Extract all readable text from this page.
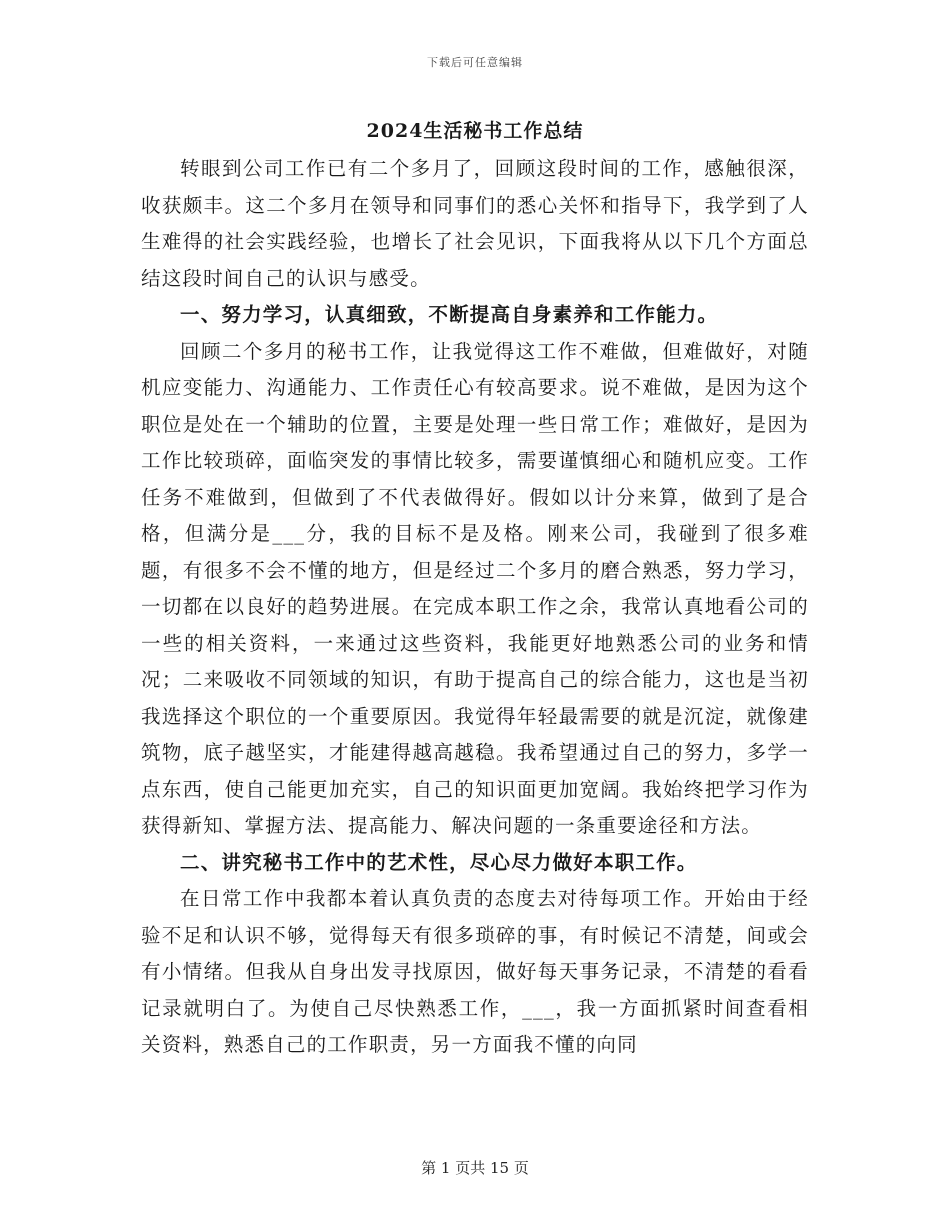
下载后可任意编辑
2024生活秘书工作总结

转眼到公司工作已有二个多月了，回顾这段时间的工作，感触很深，收获颇丰。这二个多月在领导和同事们的悉心关怀和指导下，我学到了人生难得的社会实践经验，也增长了社会见识，下面我将从以下几个方面总结这段时间自己的认识与感受。

一、努力学习，认真细致，不断提高自身素养和工作能力。

回顾二个多月的秘书工作，让我觉得这工作不难做，但难做好，对随机应变能力、沟通能力、工作责任心有较高要求。说不难做，是因为这个职位是处在一个辅助的位置，主要是处理一些日常工作；难做好，是因为工作比较琐碎，面临突发的事情比较多，需要谨慎细心和随机应变。工作任务不难做到，但做到了不代表做得好。假如以计分来算，做到了是合格，但满分是___分，我的目标不是及格。刚来公司，我碰到了很多难题，有很多不会不懂的地方，但是经过二个多月的磨合熟悉，努力学习，一切都在以良好的趋势进展。在完成本职工作之余，我常认真地看公司的一些的相关资料，一来通过这些资料，我能更好地熟悉公司的业务和情况；二来吸收不同领域的知识，有助于提高自己的综合能力，这也是当初我选择这个职位的一个重要原因。我觉得年轻最需要的就是沉淀，就像建筑物，底子越坚实，才能建得越高越稳。我希望通过自己的努力，多学一点东西，使自己能更加充实，自己的知识面更加宽阔。我始终把学习作为获得新知、掌握方法、提高能力、解决问题的一条重要途径和方法。

二、讲究秘书工作中的艺术性，尽心尽力做好本职工作。

在日常工作中我都本着认真负责的态度去对待每项工作。开始由于经验不足和认识不够，觉得每天有很多琐碎的事，有时候记不清楚，间或会有小情绪。但我从自身出发寻找原因，做好每天事务记录，不清楚的看看记录就明白了。为使自己尽快熟悉工作，___，我一方面抓紧时间查看相关资料，熟悉自己的工作职责，另一方面我不懂的向同

第 1 页共 15 页
